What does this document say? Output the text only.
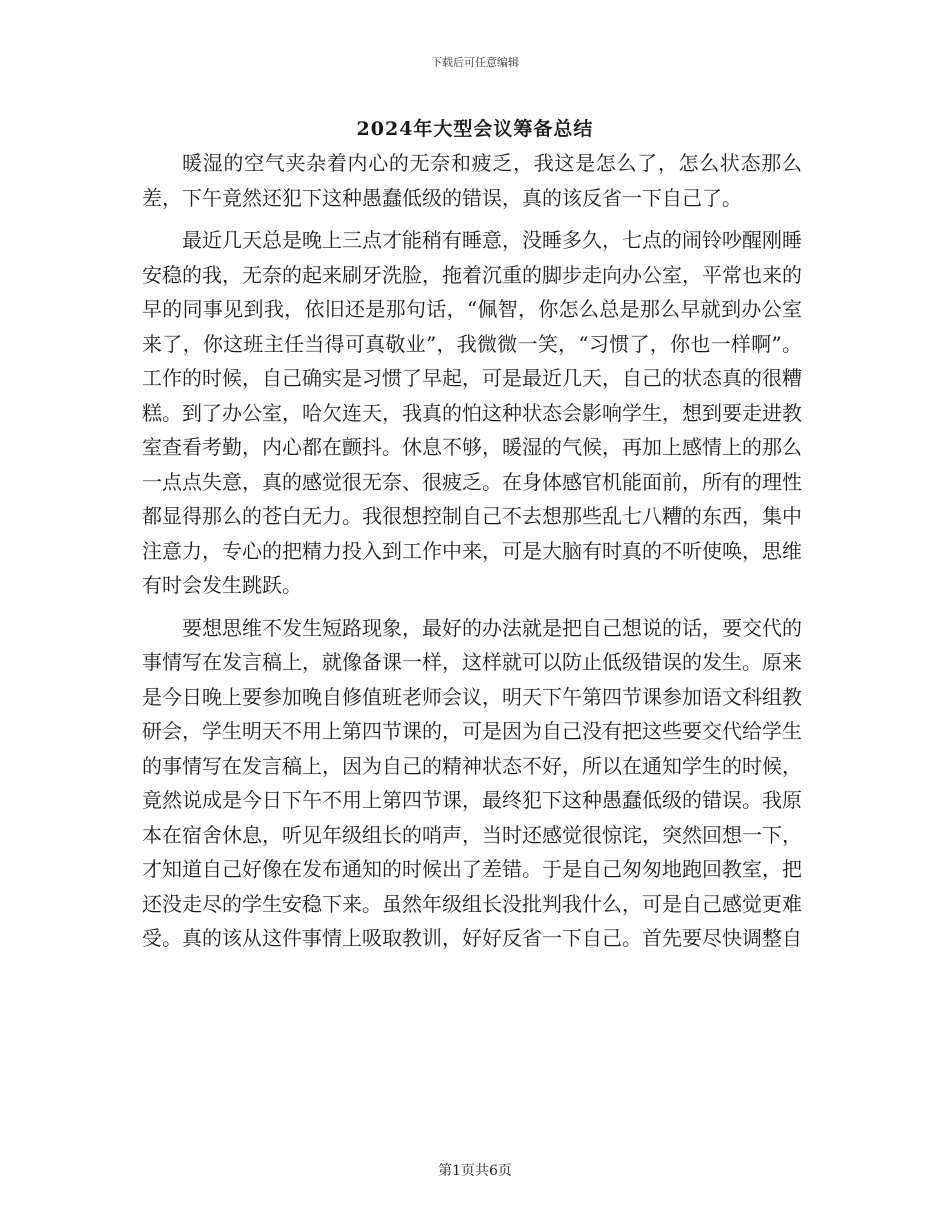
下载后可任意编辑
2024年大型会议筹备总结

暖湿的空气夹杂着内心的无奈和疲乏，我这是怎么了，怎么状态那么差，下午竟然还犯下这种愚蠢低级的错误，真的该反省一下自己了。

最近几天总是晚上三点才能稍有睡意，没睡多久，七点的闹铃吵醒刚睡安稳的我，无奈的起来刷牙洗脸，拖着沉重的脚步走向办公室，平常也来的早的同事见到我，依旧还是那句话，“佩智，你怎么总是那么早就到办公室来了，你这班主任当得可真敬业”，我微微一笑，“习惯了，你也一样啊”。工作的时候，自己确实是习惯了早起，可是最近几天，自己的状态真的很糟糕。到了办公室，哈欠连天，我真的怕这种状态会影响学生，想到要走进教室查看考勤，内心都在颤抖。休息不够，暖湿的气候，再加上感情上的那么一点点失意，真的感觉很无奈、很疲乏。在身体感官机能面前，所有的理性都显得那么的苍白无力。我很想控制自己不去想那些乱七八糟的东西，集中注意力，专心的把精力投入到工作中来，可是大脑有时真的不听使唤，思维有时会发生跳跃。

要想思维不发生短路现象，最好的办法就是把自己想说的话，要交代的事情写在发言稿上，就像备课一样，这样就可以防止低级错误的发生。原来是今日晚上要参加晚自修值班老师会议，明天下午第四节课参加语文科组教研会，学生明天不用上第四节课的，可是因为自己没有把这些要交代给学生的事情写在发言稿上，因为自己的精神状态不好，所以在通知学生的时候，竟然说成是今日下午不用上第四节课，最终犯下这种愚蠢低级的错误。我原本在宿舍休息，听见年级组长的哨声，当时还感觉很惊诧，突然回想一下，才知道自己好像在发布通知的时候出了差错。于是自己匆匆地跑回教室，把还没走尽的学生安稳下来。虽然年级组长没批判我什么，可是自己感觉更难受。真的该从这件事情上吸取教训，好好反省一下自己。首先要尽快调整自

第1页共6页
